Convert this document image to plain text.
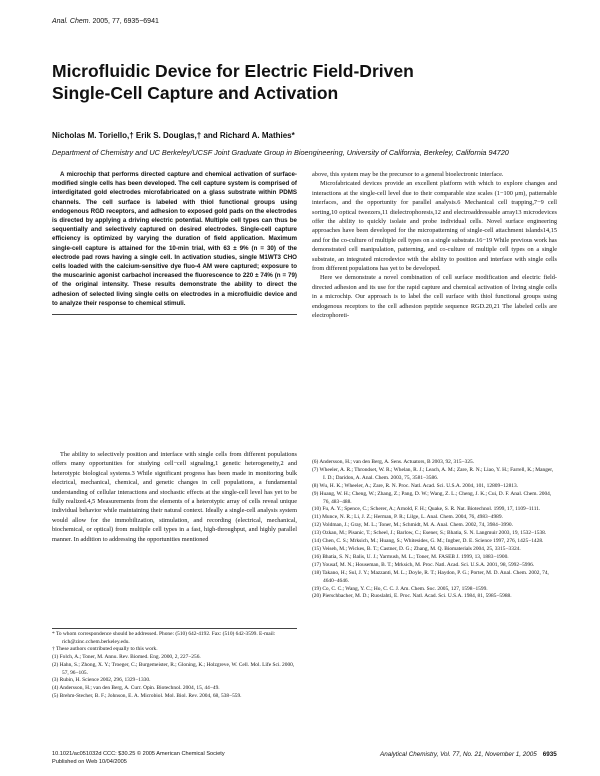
Anal. Chem. 2005, 77, 6935−6941
Microfluidic Device for Electric Field-Driven
Single-Cell Capture and Activation
Nicholas M. Toriello,† Erik S. Douglas,† and Richard A. Mathies*
Department of Chemistry and UC Berkeley/UCSF Joint Graduate Group in Bioengineering, University of California, Berkeley, California 94720
A microchip that performs directed capture and chemical activation of surface-modified single cells has been developed. The cell capture system is comprised of interdigitated gold electrodes microfabricated on a glass substrate within PDMS channels. The cell surface is labeled with thiol functional groups using endogenous RGD receptors, and adhesion to exposed gold pads on the electrodes is directed by applying a driving electric potential. Multiple cell types can thus be sequentially and selectively captured on desired electrodes. Single-cell capture efficiency is optimized by varying the duration of field application. Maximum single-cell capture is attained for the 10-min trial, with 63 ± 9% (n = 30) of the electrode pad rows having a single cell. In activation studies, single M1WT3 CHO cells loaded with the calcium-sensitive dye fluo-4 AM were captured; exposure to the muscarinic agonist carbachol increased the fluorescence to 220 ± 74% (n = 79) of the original intensity. These results demonstrate the ability to direct the adhesion of selected living single cells on electrodes in a microfluidic device and to analyze their response to chemical stimuli.
The ability to selectively position and interface with single cells from different populations offers many opportunities for studying cell−cell signaling,1 genetic heterogeneity,2 and heterotypic biological systems.3 While significant progress has been made in monitoring bulk electrical, mechanical, chemical, and genetic changes in cell populations, a fundamental understanding of cellular interactions and stochastic effects at the single-cell level has yet to be fully realized.4,5 Measurements from the elements of a heterotypic array of cells reveal unique individual behavior while maintaining their natural context. Ideally a single-cell analysis system would allow for the immobilization, stimulation, and recording (electrical, mechanical, biochemical, or optical) from multiple cell types in a fast, high-throughput, and highly parallel manner. In addition to addressing the opportunities mentioned

above, this system may be the precursor to a general bioelectronic interface.

Microfabricated devices provide an excellent platform with which to explore changes and interactions at the single-cell level due to their comparable size scales (1−100 μm), patternable interfaces, and the opportunity for parallel analysis.6 Mechanical cell trapping,7−9 cell sorting,10 optical tweezers,11 dielectrophoresis,12 and electroaddressable array13 microdevices offer the ability to quickly isolate and probe individual cells. Novel surface engineering approaches have been developed for the micropatterning of single-cell attachment islands14,15 and for the co-culture of multiple cell types on a single substrate.16−19 While previous work has demonstrated cell manipulation, patterning, and co-culture of multiple cell types on a single substrate, an integrated microdevice with the ability to position and interface with single cells from different populations has yet to be developed.

Here we demonstrate a novel combination of cell surface modification and electric field-directed adhesion and its use for the rapid capture and chemical activation of living single cells in a microchip. Our approach is to label the cell surface with thiol functional groups using endogenous receptors to the cell adhesion peptide sequence RGD.20,21 The labeled cells are electrophoreti-

* To whom correspondence should be addressed. Phone: (510) 642-4192. Fax: (510) 642-3599. E-mail: rich@zinc.cchem.berkeley.edu.
† These authors contributed equally to this work.
(1) Folch, A.; Toner, M. Annu. Rev. Biomed. Eng. 2000, 2, 227−256.
(2) Hahn, S.; Zhong, X. Y.; Troeger, C.; Burgemeister, R.; Gloning, K.; Holzgreve, W. Cell. Mol. Life Sci. 2000, 57, 96−105.
(3) Rubin, H. Science 2002, 296, 1329−1330.
(4) Andersson, H.; van den Berg, A. Curr. Opin. Biotechnol. 2004, 15, 44−49.
(5) Brehm-Stecher, B. F.; Johnson, E. A. Microbiol. Mol. Biol. Rev. 2004, 68, 538−559.
(6) Andersson, H.; van den Berg, A. Sens. Actuators, B 2003, 92, 315−325.
(7) Wheeler, A. R.; Throndset, W. R.; Whelan, R. J.; Leach, A. M.; Zare, R. N.; Liao, Y. H.; Farrell, K.; Manger, I. D.; Daridon, A. Anal. Chem. 2003, 75, 3581−3586.
(8) Wu, H. K.; Wheeler, A.; Zare, R. N. Proc. Natl. Acad. Sci. U.S.A. 2004, 101, 12809−12813.
(9) Huang, W. H.; Cheng, W.; Zhang, Z.; Pang, D. W.; Wang, Z. L.; Cheng, J. K.; Cui, D. F. Anal. Chem. 2004, 76, 483−488.
(10) Fu, A. Y.; Spence, C.; Scherer, A.; Arnold, F. H.; Quake, S. R. Nat. Biotechnol. 1999, 17, 1109−1111.
(11) Munce, N. R.; Li, J. Z.; Herman, P. R.; Lilge, L. Anal. Chem. 2004, 76, 4983−4989.
(12) Voldman, J.; Gray, M. L.; Toner, M.; Schmidt, M. A. Anal. Chem. 2002, 74, 3984−3990.
(13) Ozkan, M.; Pisanic, T.; Scheel, J.; Barlow, C.; Esener, S.; Bhatia, S. N. Langmuir 2003, 19, 1532−1538.
(14) Chen, C. S.; Mrksich, M.; Huang, S.; Whitesides, G. M.; Ingber, D. E. Science 1997, 276, 1425−1428.
(15) Veiseh, M.; Wickes, B. T.; Castner, D. G.; Zhang, M. Q. Biomaterials 2004, 25, 3315−3324.
(16) Bhatia, S. N.; Balis, U. J.; Yarmush, M. L.; Toner, M. FASEB J. 1999, 13, 1883−1900.
(17) Yousaf, M. N.; Houseman, B. T.; Mrksich, M. Proc. Natl. Acad. Sci. U.S.A. 2001, 98, 5992−5996.
(18) Takano, H.; Sul, J. Y.; Mazzanti, M. L.; Doyle, R. T.; Haydon, P. G.; Porter, M. D. Anal. Chem. 2002, 74, 4640−4646.
(19) Co, C. C.; Wang, Y. C.; Ho, C. C. J. Am. Chem. Soc. 2005, 127, 1598−1599.
(20) Pierschbacher, M. D.; Ruoslahti, E. Proc. Natl. Acad. Sci. U.S.A. 1984, 81, 5985−5988.
10.1021/ac051032d CCC: $30.25 © 2005 American Chemical Society
Published on Web 10/04/2005
Analytical Chemistry, Vol. 77, No. 21, November 1, 2005 6935
